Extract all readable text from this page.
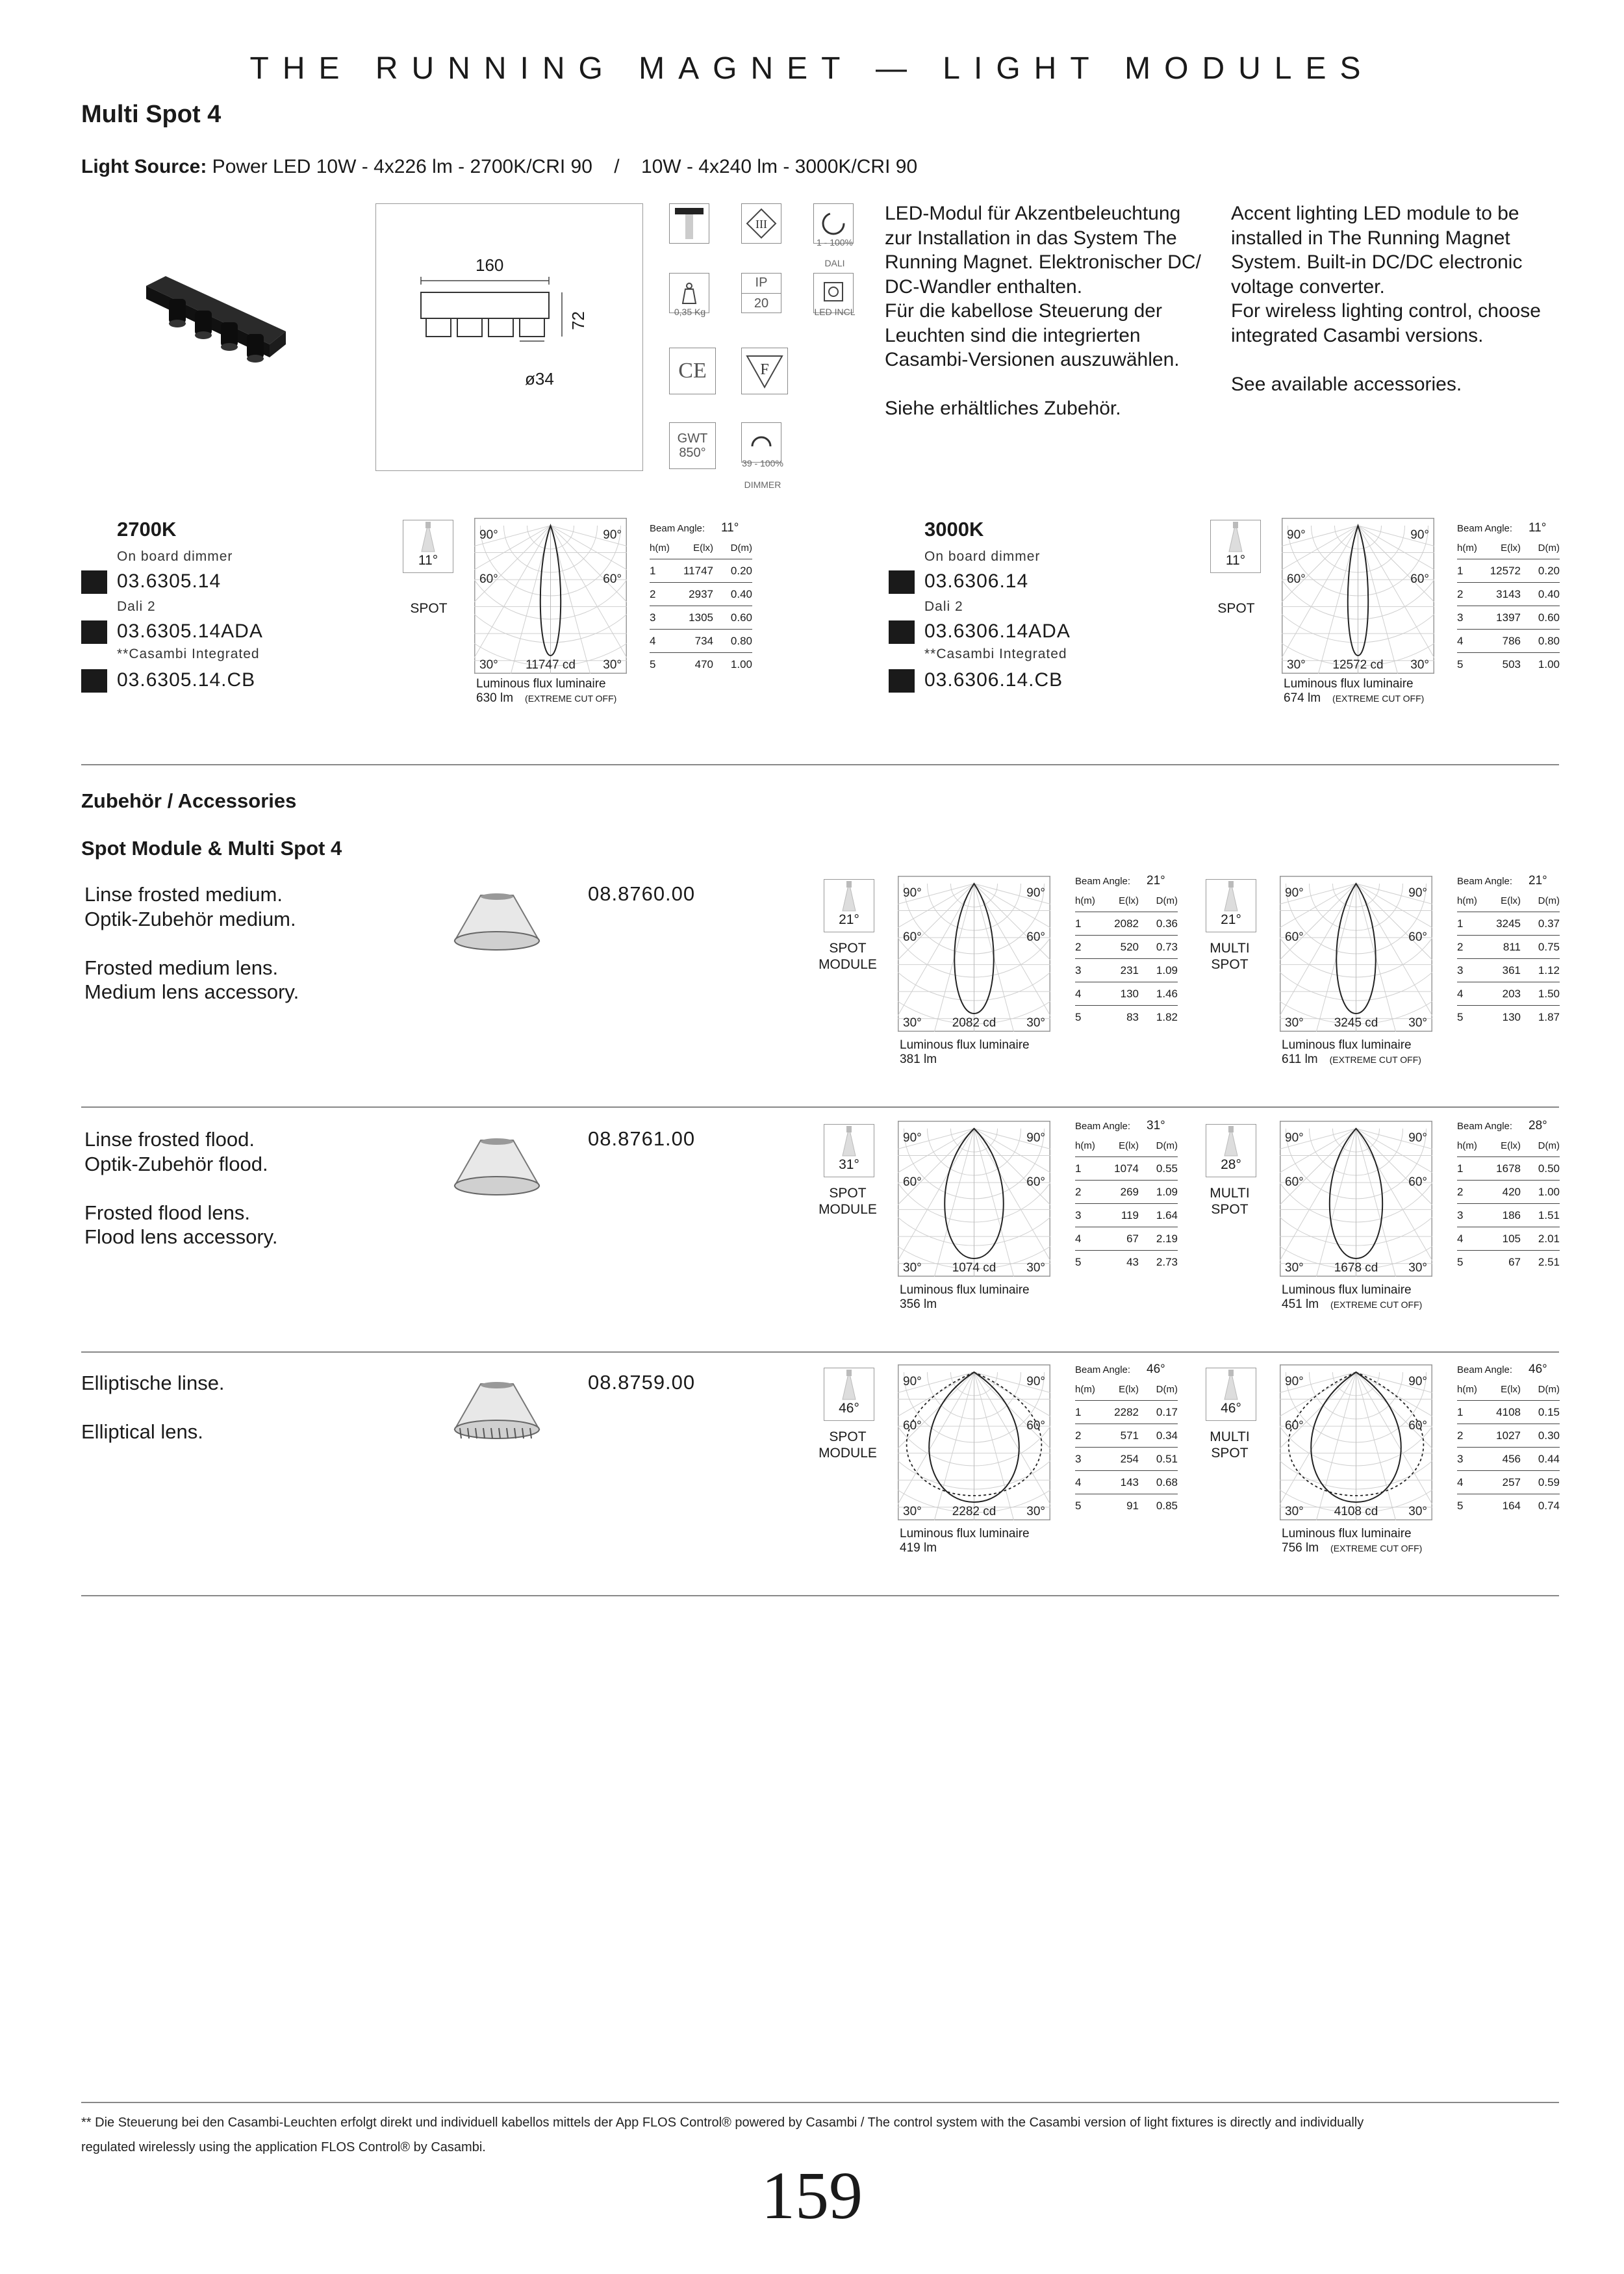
THE RUNNING MAGNET — LIGHT MODULES
Multi Spot 4
Light Source: Power LED 10W - 4x226 lm - 2700K/CRI 90    /    10W - 4x240 lm - 3000K/CRI 90
160
72
ø34
III
1 - 100%
DALI
0,35 Kg
IP
20
LED INCL
CE	F
GWT
850°
39 - 100%
DIMMER
LED-Modul für Akzentbeleuchtung
zur Installation in das System The
Running Magnet. Elektronischer DC/
DC-Wandler enthalten.
Für die kabellose Steuerung der
Leuchten sind die integrierten
Casambi-Versionen auszuwählen.
Siehe erhältliches Zubehör.
Accent lighting LED module to be
installed in The Running Magnet
System. Built-in DC/DC electronic
voltage converter.
For wireless lighting control, choose
integrated Casambi versions.
See available accessories.
2700K
On board dimmer
03.6305.14
Dali 2
03.6305.14ADA
**Casambi Integrated
03.6305.14.CB
11°
SPOT
90°	90°
60°	60°
30°	30°
11747 cd
Beam Angle:	11°
h(m)	E(lx)	D(m)
1	11747	0.20
2	2937	0.40
3	1305	0.60
4	734	0.80
5	470	1.00
Luminous flux luminaire
630 lm (EXTREME CUT OFF)
3000K
On board dimmer
03.6306.14
Dali 2
03.6306.14ADA
**Casambi Integrated
03.6306.14.CB
11°
SPOT
90°	90°
60°	60°
30°	30°
12572 cd
Beam Angle:	11°
h(m)	E(lx)	D(m)
1	12572	0.20
2	3143	0.40
3	1397	0.60
4	786	0.80
5	503	1.00
Luminous flux luminaire
674 lm (EXTREME CUT OFF)
Zubehör / Accessories
Spot Module & Multi Spot 4
Linse frosted medium.
Optik-Zubehör medium.
Frosted medium lens.
Medium lens accessory.
08.8760.00
21°
SPOT
MODULE
90°	90°
60°	60°
30°	30°
2082 cd
Beam Angle:	21°
h(m)	E(lx)	D(m)
1	2082	0.36
2	520	0.73
3	231	1.09
4	130	1.46
5	83	1.82
Luminous flux luminaire
381 lm
21°
MULTI
SPOT
90°	90°
60°	60°
30°	30°
3245 cd
Beam Angle:	21°
h(m)	E(lx)	D(m)
1	3245	0.37
2	811	0.75
3	361	1.12
4	203	1.50
5	130	1.87
Luminous flux luminaire
611 lm (EXTREME CUT OFF)
Linse frosted flood.
Optik-Zubehör flood.
Frosted flood lens.
Flood lens accessory.
08.8761.00
31°
SPOT
MODULE
90°	90°
60°	60°
30°	30°
1074 cd
Beam Angle:	31°
h(m)	E(lx)	D(m)
1	1074	0.55
2	269	1.09
3	119	1.64
4	67	2.19
5	43	2.73
Luminous flux luminaire
356 lm
28°
MULTI
SPOT
90°	90°
60°	60°
30°	30°
1678 cd
Beam Angle:	28°
h(m)	E(lx)	D(m)
1	1678	0.50
2	420	1.00
3	186	1.51
4	105	2.01
5	67	2.51
Luminous flux luminaire
451 lm (EXTREME CUT OFF)
Elliptische linse.
Elliptical lens.
08.8759.00
46°
SPOT
MODULE
90°	90°
60°	60°
30°	30°
2282 cd
Beam Angle:	46°
h(m)	E(lx)	D(m)
1	2282	0.17
2	571	0.34
3	254	0.51
4	143	0.68
5	91	0.85
Luminous flux luminaire
419 lm
46°
MULTI
SPOT
90°	90°
60°	60°
30°	30°
4108 cd
Beam Angle:	46°
h(m)	E(lx)	D(m)
1	4108	0.15
2	1027	0.30
3	456	0.44
4	257	0.59
5	164	0.74
Luminous flux luminaire
756 lm (EXTREME CUT OFF)
** Die Steuerung bei den Casambi-Leuchten erfolgt direkt und individuell kabellos mittels der App FLOS Control® powered by Casambi / The control system with the Casambi version of light fixtures is directly and individually
regulated wirelessly using the application FLOS Control® by Casambi.
159
